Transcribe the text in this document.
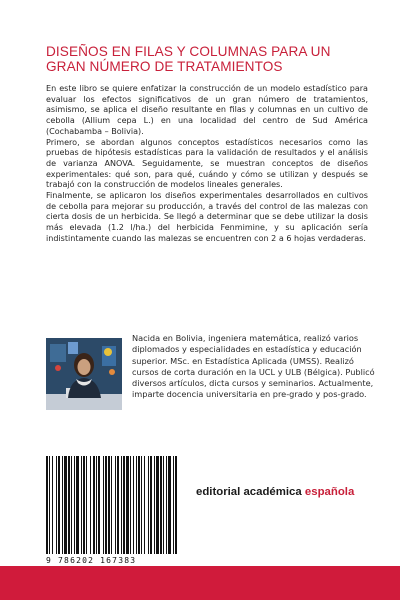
DISEÑOS EN FILAS Y COLUMNAS PARA UN
GRAN NÚMERO DE TRATAMIENTOS

En este libro se quiere enfatizar la construcción de un modelo estadístico para evaluar los efectos significativos de un gran número de tratamientos, asimismo, se aplica el diseño resultante en filas y columnas en un cultivo de cebolla (Allium cepa L.) en una localidad del centro de Sud América (Cochabamba – Bolivia).

Primero, se abordan algunos conceptos estadísticos necesarios como las pruebas de hipótesis estadísticas para la validación de resultados y el análisis de varianza ANOVA. Seguidamente, se muestran conceptos de diseños experimentales: qué son, para qué, cuándo y cómo se utilizan y después se trabajó con la construcción de modelos lineales generales.

Finalmente, se aplicaron los diseños experimentales desarrollados en cultivos de cebolla para mejorar su producción, a través del control de las malezas con cierta dosis de un herbicida. Se llegó a determinar que se debe utilizar la dosis más elevada (1.2 l/ha.) del herbicida Fenmimine, y su aplicación sería indistintamente cuando las malezas se encuentren con 2 a 6 hojas verdaderas.

Nacida en Bolivia, ingeniera matemática, realizó varios diplomados y especialidades en estadística y educación superior. MSc. en Estadística Aplicada (UMSS). Realizó cursos de corta duración en la UCL y ULB (Bélgica). Publicó diversos artículos, dicta cursos y seminarios. Actualmente, imparte docencia universitaria en pre-grado y pos-grado.
9 786202 167383
editorial académica española
